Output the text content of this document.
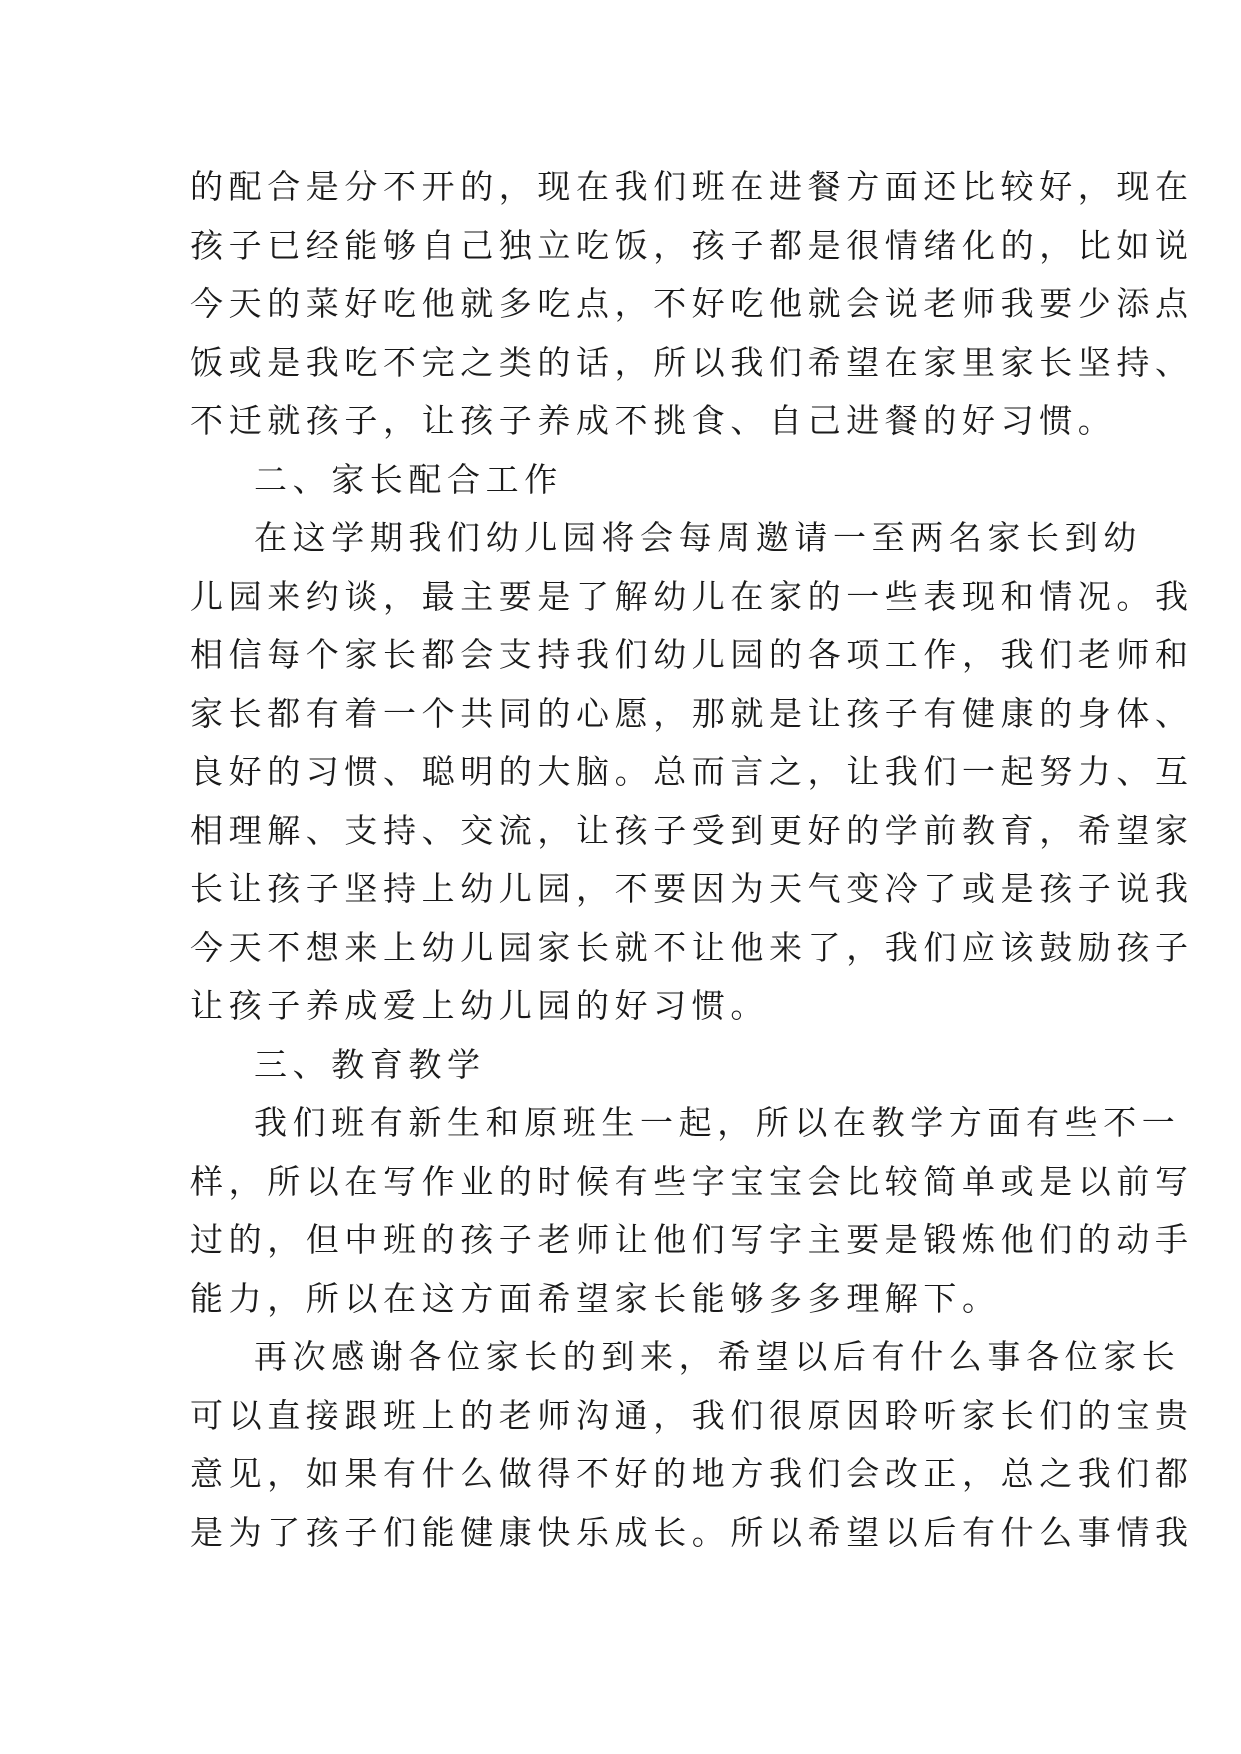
的配合是分不开的，现在我们班在进餐方面还比较好，现在
孩子已经能够自己独立吃饭，孩子都是很情绪化的，比如说
今天的菜好吃他就多吃点，不好吃他就会说老师我要少添点
饭或是我吃不完之类的话，所以我们希望在家里家长坚持、
不迁就孩子，让孩子养成不挑食、自己进餐的好习惯。
二、家长配合工作
在这学期我们幼儿园将会每周邀请一至两名家长到幼
儿园来约谈，最主要是了解幼儿在家的一些表现和情况。我
相信每个家长都会支持我们幼儿园的各项工作，我们老师和
家长都有着一个共同的心愿，那就是让孩子有健康的身体、
良好的习惯、聪明的大脑。总而言之，让我们一起努力、互
相理解、支持、交流，让孩子受到更好的学前教育，希望家
长让孩子坚持上幼儿园，不要因为天气变冷了或是孩子说我
今天不想来上幼儿园家长就不让他来了，我们应该鼓励孩子
让孩子养成爱上幼儿园的好习惯。
三、教育教学
我们班有新生和原班生一起，所以在教学方面有些不一
样，所以在写作业的时候有些字宝宝会比较简单或是以前写
过的，但中班的孩子老师让他们写字主要是锻炼他们的动手
能力，所以在这方面希望家长能够多多理解下。
再次感谢各位家长的到来，希望以后有什么事各位家长
可以直接跟班上的老师沟通，我们很原因聆听家长们的宝贵
意见，如果有什么做得不好的地方我们会改正，总之我们都
是为了孩子们能健康快乐成长。所以希望以后有什么事情我
